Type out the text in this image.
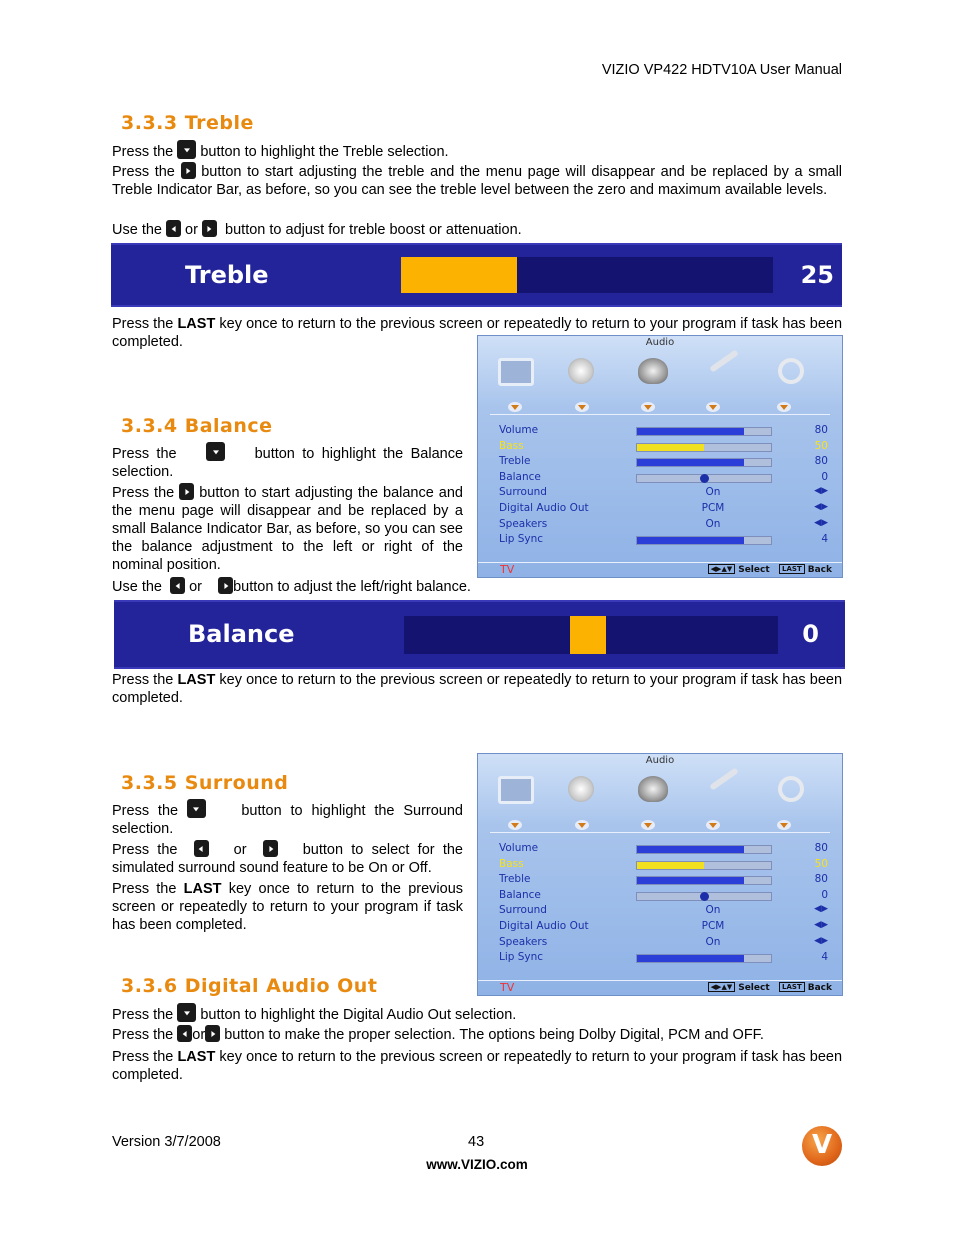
VIZIO VP422 HDTV10A User Manual
3.3.3 Treble

Press the button to highlight the Treble selection.

Press the button to start adjusting the treble and the menu page will disappear and be replaced by a small Treble Indicator Bar, as before, so you can see the treble level between the zero and maximum available levels.

Use the or button to adjust for treble boost or attenuation.

Treble	25

Press the LAST key once to return to the previous screen or repeatedly to return to your program if task has been completed.	Audio
Volume	80
Bass	50
Treble	80
Balance	0
Surround	On	◀▶
Digital Audio Out	PCM	◀▶
Speakers	On	◀▶
Lip Sync	4
TV	◀▶▲▼ Select   LAST Back
3.3.4 Balance

Press the	button to highlight the Balance selection.

Press the button to start adjusting the balance and the menu page will disappear and be replaced by a small Balance Indicator Bar, as before, so you can see the balance adjustment to the left or right of the nominal position.

Use the or button to adjust the left/right balance.

Balance	0

Press the LAST key once to return to the previous screen or repeatedly to return to your program if task has been completed.

Audio
Volume	80
Bass	50
Treble	80
Balance	0
Surround	On	◀▶
Digital Audio Out	PCM	◀▶
Speakers	On	◀▶
Lip Sync	4
TV	◀▶▲▼ Select   LAST Back
3.3.5 Surround

Press the	button to highlight the Surround selection.

Press the	or	button to select for the simulated surround sound feature to be On or Off.

Press the LAST key once to return to the previous screen or repeatedly to return to your program if task has been completed.

3.3.6 Digital Audio Out

Press the button to highlight the Digital Audio Out selection.

Press the or button to make the proper selection. The options being Dolby Digital, PCM and OFF.

Press the LAST key once to return to the previous screen or repeatedly to return to your program if task has been completed.

Version 3/7/2008	43
www.VIZIO.com
V
